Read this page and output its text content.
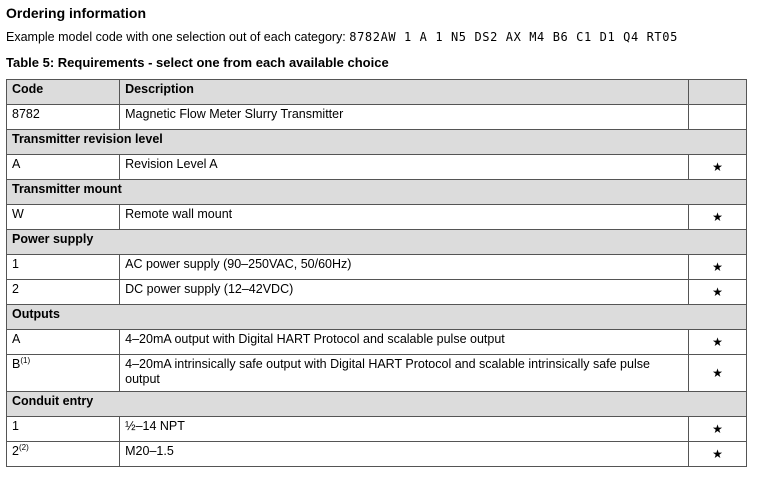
Ordering information
Example model code with one selection out of each category: 8782AW 1 A 1 N5 DS2 AX M4 B6 C1 D1 Q4 RT05
Table 5: Requirements - select one from each available choice
Code	Description	
8782	Magnetic Flow Meter Slurry Transmitter	
Transmitter revision level		
A	Revision Level A	★
Transmitter mount		
W	Remote wall mount	★
Power supply		
1	AC power supply (90–250VAC, 50/60Hz)	★
2	DC power supply (12–42VDC)	★
Outputs		
A	4–20mA output with Digital HART Protocol and scalable pulse output	★
$B^{(1)}$	4–20mA intrinsically safe output with Digital HART Protocol and scalable intrinsically safe pulse output	★
Conduit entry		
1	½–14 NPT	★
2$^{(2)}$	M20–1.5	★
